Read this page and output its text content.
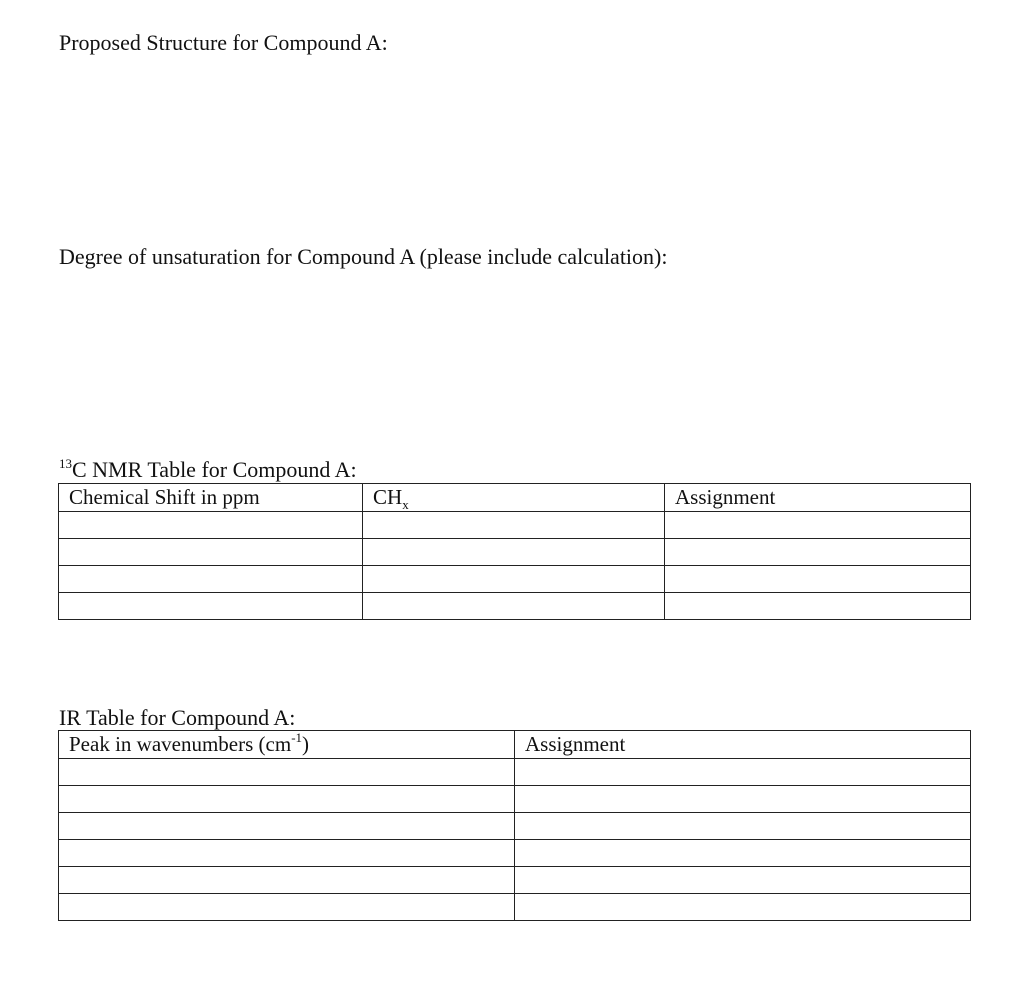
Proposed Structure for Compound A:

Degree of unsaturation for Compound A (please include calculation):

$^{13}$C NMR Table for Compound A:

Chemical Shift in ppm	$CH_x$	Assignment

IR Table for Compound A:

Peak in wavenumbers $(cm^{-1})$	Assignment
